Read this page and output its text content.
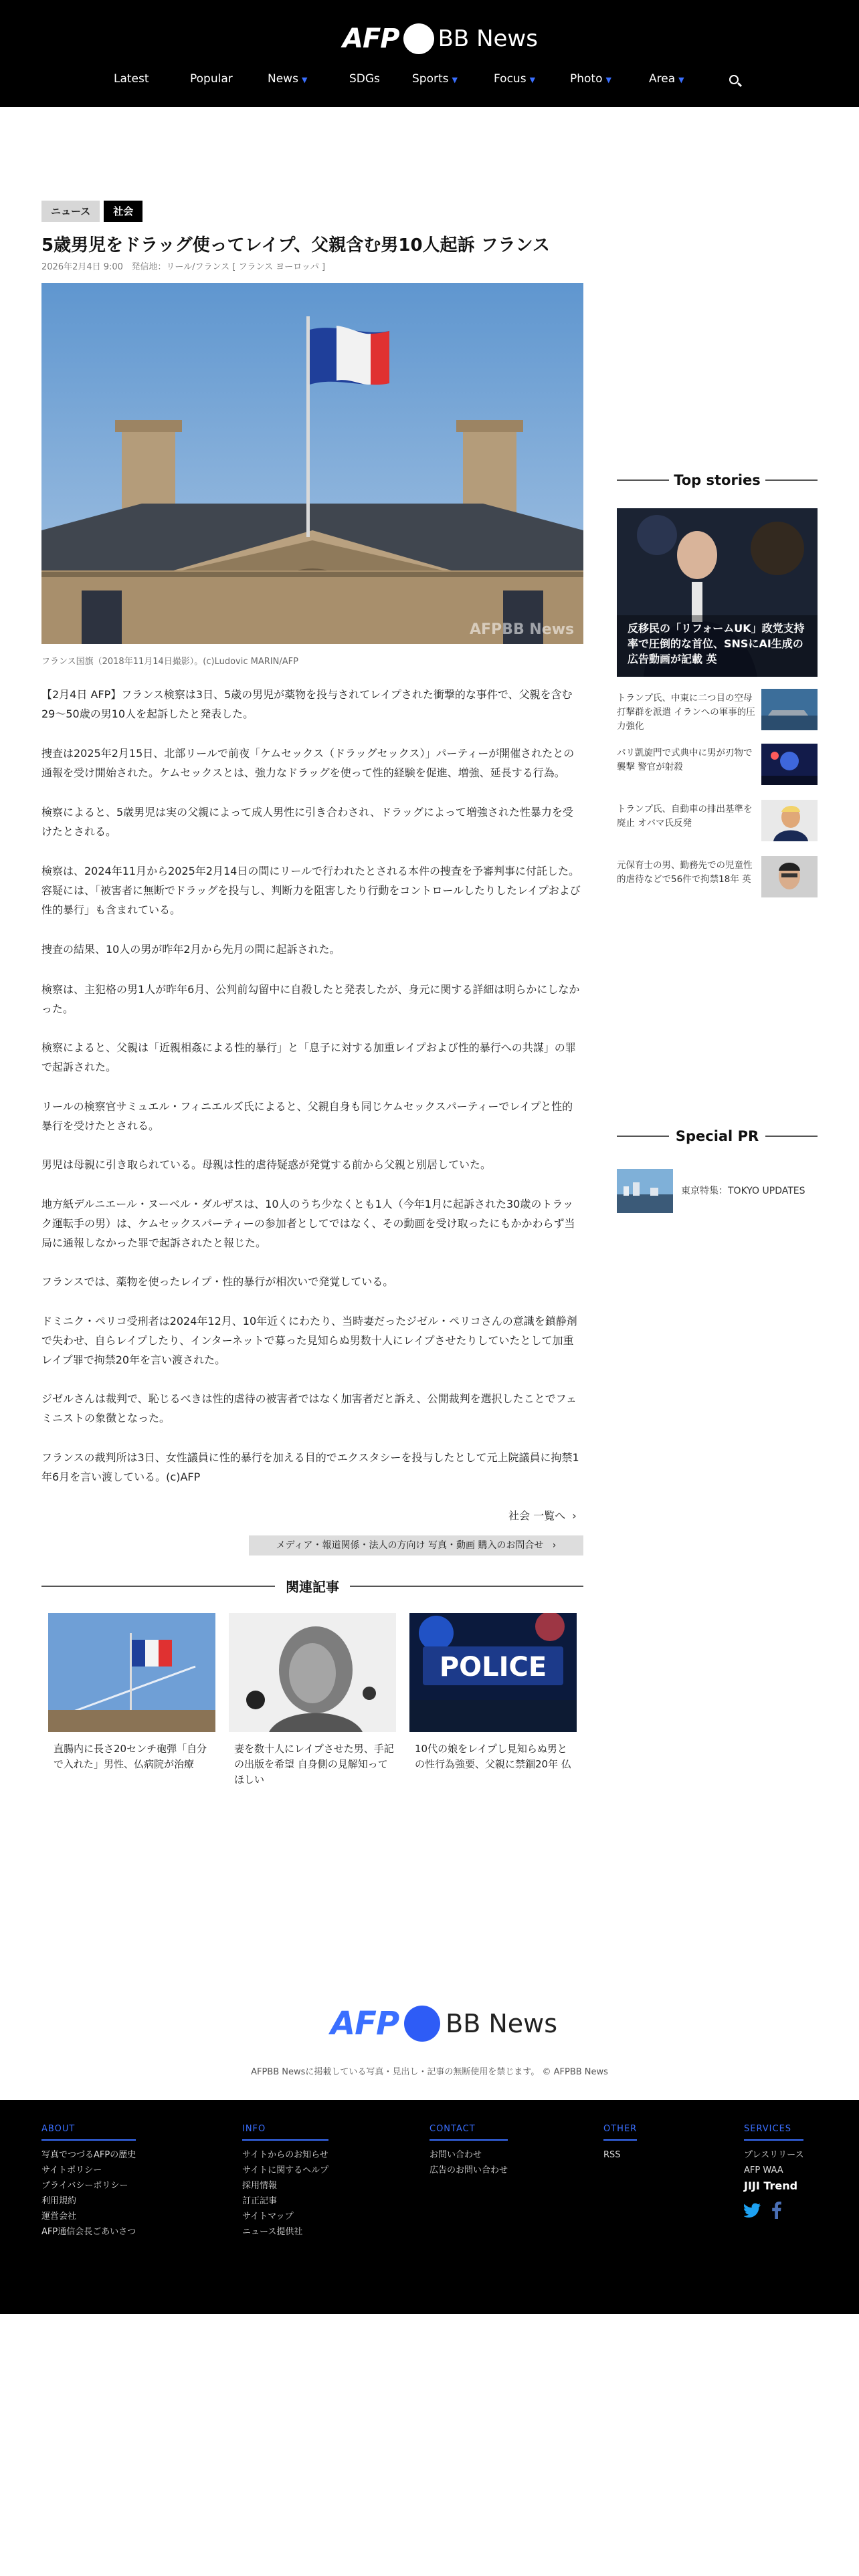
AFP BB News
Latest	Popular	News ▼	SDGs	Sports ▼	Focus ▼	Photo ▼	Area ▼
ニュース	社会
5歳男児をドラッグ使ってレイプ、父親含む男10人起訴 フランス
2026年2月4日 9:00 発信地：リール/フランス [ フランス ヨーロッパ ]
AFPBB News
フランス国旗（2018年11月14日撮影）。(c)Ludovic MARIN/AFP

【2月4日 AFP】フランス検察は3日、5歳の男児が薬物を投与されてレイプされた衝撃的な事件で、父親を含む29～50歳の男10人を起訴したと発表した。

捜査は2025年2月15日、北部リールで前夜「ケムセックス（ドラッグセックス）」パーティーが開催されたとの通報を受け開始された。ケムセックスとは、強力なドラッグを使って性的経験を促進、増強、延長する行為。

検察によると、5歳男児は実の父親によって成人男性に引き合わされ、ドラッグによって増強された性暴力を受けたとされる。

検察は、2024年11月から2025年2月14日の間にリールで行われたとされる本件の捜査を予審判事に付託した。容疑には、「被害者に無断でドラッグを投与し、判断力を阻害したり行動をコントロールしたりしたレイプおよび性的暴行」も含まれている。

捜査の結果、10人の男が昨年2月から先月の間に起訴された。

検察は、主犯格の男1人が昨年6月、公判前勾留中に自殺したと発表したが、身元に関する詳細は明らかにしなかった。

検察によると、父親は「近親相姦による性的暴行」と「息子に対する加重レイプおよび性的暴行への共謀」の罪で起訴された。

リールの検察官サミュエル・フィニエルズ氏によると、父親自身も同じケムセックスパーティーでレイプと性的暴行を受けたとされる。

男児は母親に引き取られている。母親は性的虐待疑惑が発覚する前から父親と別居していた。

地方紙デルニエール・ヌーベル・ダルザスは、10人のうち少なくとも1人（今年1月に起訴された30歳のトラック運転手の男）は、ケムセックスパーティーの参加者としてではなく、その動画を受け取ったにもかかわらず当局に通報しなかった罪で起訴されたと報じた。

フランスでは、薬物を使ったレイプ・性的暴行が相次いで発覚している。

ドミニク・ペリコ受刑者は2024年12月、10年近くにわたり、当時妻だったジゼル・ペリコさんの意識を鎮静剤で失わせ、自らレイプしたり、インターネットで募った見知らぬ男数十人にレイプさせたりしていたとして加重レイプ罪で拘禁20年を言い渡された。

ジゼルさんは裁判で、恥じるべきは性的虐待の被害者ではなく加害者だと訴え、公開裁判を選択したことでフェミニストの象徴となった。

フランスの裁判所は3日、女性議員に性的暴行を加える目的でエクスタシーを投与したとして元上院議員に拘禁1年6月を言い渡している。(c)AFP

社会 一覧へ  ›
メディア・報道関係・法人の方向け 写真・動画 購入のお問合せ   ›
関連記事
直腸内に長さ20センチ砲弾「自分で入れた」男性、仏病院が治療
妻を数十人にレイプさせた男、手記の出版を希望 自身側の見解知ってほしい
POLICE
10代の娘をレイプし見知らぬ男との性行為強要、父親に禁錮20年 仏
Top stories
反移民の「リフォームUK」政党支持率で圧倒的な首位、SNSにAI生成の広告動画が記載 英
トランプ氏、中東に二つ目の空母打撃群を派遣 イランへの軍事的圧力強化
パリ凱旋門で式典中に男が刃物で襲撃 警官が射殺
トランプ氏、自動車の排出基準を廃止 オバマ氏反発
元保育士の男、勤務先での児童性的虐待などで56件で拘禁18年 英
Special PR
東京特集：TOKYO UPDATES
AFP BB News
AFPBB Newsに掲載している写真・見出し・記事の無断使用を禁じます。 © AFPBB News
ABOUT
写真でつづるAFPの歴史
サイトポリシー
プライバシーポリシー
利用規約
運営会社
AFP通信会長ごあいさつ
INFO
サイトからのお知らせ
サイトに関するヘルプ
採用情報
訂正記事
サイトマップ
ニュース提供社
CONTACT
お問い合わせ
広告のお問い合わせ
OTHER
RSS
SERVICES
プレスリリース
AFP WAA
JIJI Trend
